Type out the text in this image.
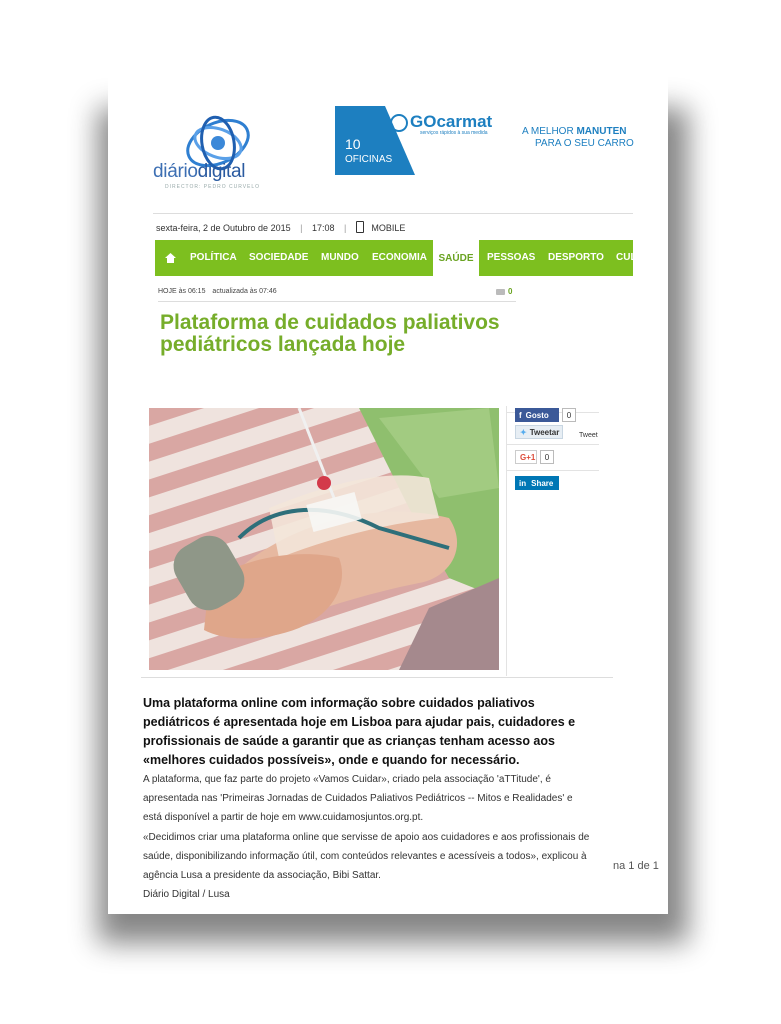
diáriodigital
DIRECTOR: PEDRO CURVELO
10
OFICINAS
GOcarmat
serviços rápidos à sua medida	A MELHOR MANUTEN
PARA O SEU CARRO
sexta-feira, 2 de Outubro de 2015 | 17:08 |	MOBILE
POLÍTICA SOCIEDADE MUNDO ECONOMIA	SAÚDE	PESSOAS DESPORTO CUL
HOJE às 06:15 actualizada às 07:46	0
Plataforma de cuidados paliativos pediátricos lançada hoje
f Gosto	0
✦ Tweetar	Tweet
G+1	0
in Share
Uma plataforma online com informação sobre cuidados paliativos pediátricos é apresentada hoje em Lisboa para ajudar pais, cuidadores e profissionais de saúde a garantir que as crianças tenham acesso aos «melhores cuidados possíveis», onde e quando for necessário.
A plataforma, que faz parte do projeto «Vamos Cuidar», criado pela associação 'aTTitude', é apresentada nas 'Primeiras Jornadas de Cuidados Paliativos Pediátricos -- Mitos e Realidades' e está disponível a partir de hoje em www.cuidamosjuntos.org.pt.
«Decidimos criar uma plataforma online que servisse de apoio aos cuidadores e aos profissionais de saúde, disponibilizando informação útil, com conteúdos relevantes e acessíveis a todos», explicou à agência Lusa a presidente da associação, Bibi Sattar.
Diário Digital / Lusa
na 1 de 1
